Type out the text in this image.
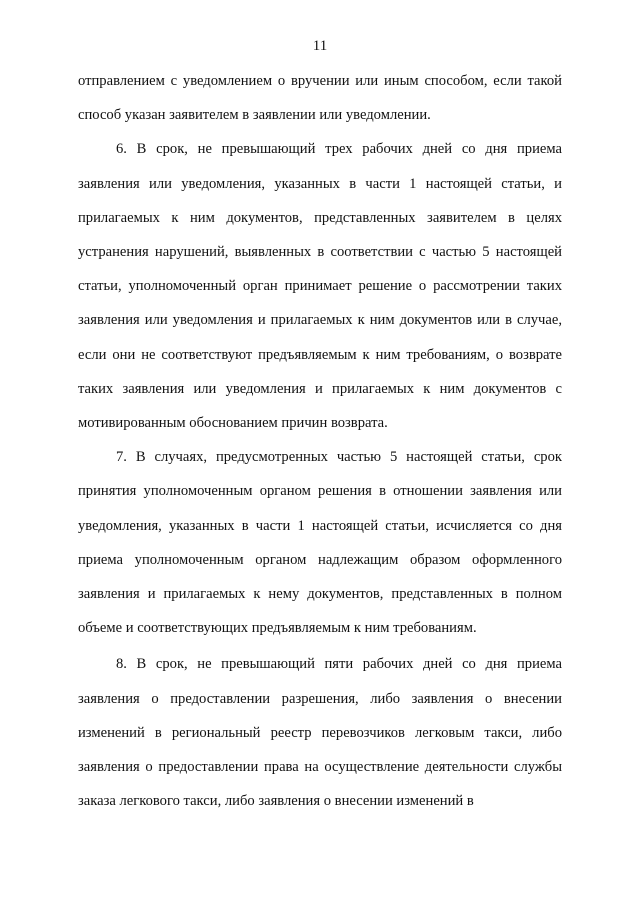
11

отправлением с уведомлением о вручении или иным способом, если такой способ указан заявителем в заявлении или уведомлении.

6. В срок, не превышающий трех рабочих дней со дня приема заявления или уведомления, указанных в части 1 настоящей статьи, и прилагаемых к ним документов, представленных заявителем в целях устранения нарушений, выявленных в соответствии с частью 5 настоящей статьи, уполномоченный орган принимает решение о рассмотрении таких заявления или уведомления и прилагаемых к ним документов или в случае, если они не соответствуют предъявляемым к ним требованиям, о возврате таких заявления или уведомления и прилагаемых к ним документов с мотивированным обоснованием причин возврата.

7. В случаях, предусмотренных частью 5 настоящей статьи, срок принятия уполномоченным органом решения в отношении заявления или уведомления, указанных в части 1 настоящей статьи, исчисляется со дня приема уполномоченным органом надлежащим образом оформленного заявления и прилагаемых к нему документов, представленных в полном объеме и соответствующих предъявляемым к ним требованиям.

8. В срок, не превышающий пяти рабочих дней со дня приема заявления о предоставлении разрешения, либо заявления о внесении изменений в региональный реестр перевозчиков легковым такси, либо заявления о предоставлении права на осуществление деятельности службы заказа легкового такси, либо заявления о внесении изменений в
